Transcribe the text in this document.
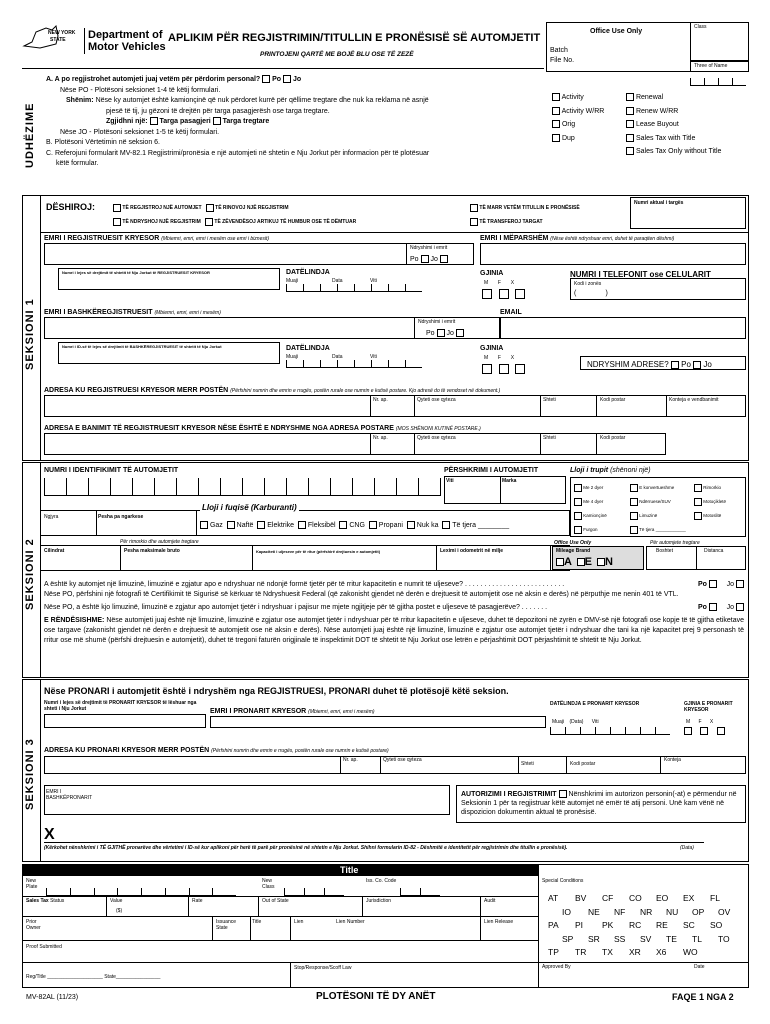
NEW YORK
STATE Department of
Motor Vehicles
APLIKIM PËR REGJISTRIMIN/TITULLIN E PRONËSISË SË AUTOMJETIT
PRINTOJENI QARTË ME BOJË BLU OSE TË ZEZË
Office Use Only
Class
Batch
File No.
Three of Name
Activity
Activity W/RR
Orig
Dup
Renewal
Renew W/RR
Lease Buyout
Sales Tax with Title
Sales Tax Only without Title
UDHËZIME
A. A po regjistrohet automjeti juaj vetëm për përdorim personal? Po Jo
Nëse PO - Plotësoni seksionet 1-4 të këtij formulari.
Shënim: Nëse ky automjet është kamionçinë që nuk përdoret kurrë për qëllime tregtare dhe nuk ka reklama në asnjë
pjesë të tij, ju gëzoni të drejtën për targa pasagjerësh ose targa tregtare.
Zgjidhni një: Targa pasagjeri Targa tregtare
Nëse JO - Plotësoni seksionet 1-5 të këtij formulari.
B. Plotësoni Vërtetimin në seksion 6.
C. Referojuni formularit MV-82.1 Regjistrimi/pronësia e një automjeti në shtetin e Nju Jorkut për informacion për të plotësuar
këtë formular.
SEKSIONI 1
DËSHIROJ:	TË REGJISTROJ NJË AUTOMJET	TË RINOVOJ NJË REGJISTRIM
TË NDRYSHOJ NJË REGJISTRIM	TË ZËVENDËSOJ ARTIKUJ TË HUMBUR OSE TË DËMTUAR
TË MARR VETËM TITULLIN E PRONËSISË
TË TRANSFEROJ TARGAT
Numri aktual i targës
EMRI I REGJISTRUESIT KRYESOR (Mbiemri, emri, emri i mesëm ose emri i biznesit)
Ndryshimi i emrit
Po Jo
EMRI I MËPARSHËM (Nëse është ndryshuar emri, duhet të paraqiten dëshmi)
Numri i lejes së drejtimit të shtetit të Nju Jorkut të REGJISTRUESIT KRYESOR	DATËLINDJA
Muaji	Data	Viti
GJINIA
M F X

NUMRI I TELEFONIT ose CELULARIT
Kodi i zonës
(               )
EMRI I BASHKËREGJISTRUESIT (Mbiemri, emri, emri i mesëm)
Ndryshimi i emrit
Po Jo
EMAIL
Numri i ID-së të lejes së drejtimit të BASHKËREGJISTRUESIT të shtetit të Nju Jorkut	DATËLINDJA
Muaji	Data	Viti
GJINIA
M F X

NDRYSHIM ADRESE? Po Jo
ADRESA KU REGJISTRUESI KRYESOR MERR POSTËN (Përfshini numrin dhe emrin e rrugës, postën rurale ose numrin e kutisë postare. Kjo adresë do të vendoset në dokument.)
Nr. ap.	Qyteti ose qyteza	Shteti	Kodi postar	Konteja e vendbanimit
ADRESA E BANIMIT TË REGJISTRUESIT KRYESOR NËSE ËSHTË E NDRYSHME NGA ADRESA POSTARE (MOS SHËNONI KUTINË POSTARE.)
Nr. ap.	Qyteti ose qyteza	Shteti	Kodi postar
SEKSIONI 2
NUMRI I IDENTIFIKIMIT TË AUTOMJETIT	PËRSHKRIMI I AUTOMJETIT
Viti	Marka
Lloji i trupit (shënoni një)
Me 2 dyer	E konvertueshme	Rimorkio
Me 4 dyer	Ndërruese/SUV	Motoçikletë
Kamionçinë	Limuzinë	Motoslitë
Furgon	Të tjera ____________
Ngjyra	Pesha pa ngarkese
Lloji i fuqisë (Karburanti)
Gaz Naftë Elektrike Fleksibël CNG Propani Nuk ka Të tjera ________
Për rimorkio dhe automjete tregtare
Cilindrat	Pesha maksimale bruto	Kapaciteti i uljeseve për të ritur (përfshirë drejtuesin e automjetit)	Leximi i odometrit në milje
Office Use Only
Mileage Brand
A E N
Për automjete tregtare
Boshtet	Distanca
A është ky automjet një limuzinë, limuzinë e zgjatur apo e ndryshuar në ndonjë formë tjetër për të rritur kapacitetin e numrit të uljeseve? . . . . . . . . . . . . . . . . . . . . . . . . . .	Po	Jo
Nëse PO, përfshini një fotografi të Certifikimit të Sigurisë së kërkuar të Ndryshuesit Federal (që zakonisht gjendet në derën e drejtuesit të automjetit ose në aksin e derës) në përputhje me nenin 401 të VTL.
Nëse PO, a është kjo limuzinë, limuzinë e zgjatur apo automjet tjetër i ndryshuar i pajisur me mjete ngjitjeje për të gjitha postet e uljeseve të pasagjerëve? . . . . . . .	Po	Jo
E RËNDËSISHME: Nëse automjeti juaj është një limuzinë, limuzinë e zgjatur ose automjet tjetër i ndryshuar për të rritur kapacitetin e uljeseve, duhet të depozitoni në zyrën e DMV-së një fotografi ose kopje të të gjitha etiketave ose targave (zakonisht gjendet në derën e drejtuesit të automjetit ose në aksin e derës). Nëse automjeti juaj është një limuzinë, limuzinë e zgjatur ose automjet tjetër i ndryshuar dhe tani ka një kapacitet prej 9 personash të rritur ose më shumë (përfshi drejtuesin e automjetit), duhet të tregoni faturën origjinale të inspektimit DOT të shtetit të Nju Jorkut ose letrën e përjashtimit DOT përjashtimit të shtetit të Nju Jorkut.
SEKSIONI 3
Nëse PRONARI i automjetit është i ndryshëm nga REGJISTRUESI, PRONARI duhet të plotësojë këtë seksion.
Numri i lejes së drejtimit të PRONARIT KRYESOR të lëshuar nga shteti i Nju Jorkut	EMRI I PRONARIT KRYESOR (Mbiemri, emri, emri i mesëm)
DATËLINDJA E PRONARIT KRYESOR
Muaji (Data) Viti
GJINIA E PRONARIT KRYESOR
M F X

ADRESA KU PRONARI KRYESOR MERR POSTËN (Përfshini numrin dhe emrin e rrugës, postën rurale ose numrin e kutisë postare)
Nr. ap.	Qyteti ose qyteza
Shteti	Kodi postar
Konteja
EMRI I BASHKËPRONARIT	AUTORIZIMI I REGJISTRIMIT Nënshkrimi im autorizon personin(-at) e përmendur në Seksionin 1 për ta regjistruar këtë automjet në emër të atij personi. Unë kam vënë në dispozicion dokumentin aktual të pronësisë.
X
(Kërkohet nënshkrimi i TË GJITHË pronarëve dhe vërtetimi i ID-së kur aplikoni për herë të parë për pronësinë në shtetin e Nju Jorkut. Shihni formularin ID-82 - Dëshmitë e identitetit për regjistrimin dhe titullin e pronësisë).	(Data)
Title
New Plate
New Class
Iss. Co. Code	Special Conditions
Sales Tax Status	Value
($)
Rate	Out of State	Jurisdiction	Audit
Prior Owner
Issuance State
Title	Lien	Lien Number	Lien Release
Proof Submitted
Reg/Title ____________________ State________________
Stop/Response/Scoff Law
AT	BV	CF	CO	EO	EX	FL
IO	NE	NF	NR	NU	OP	OV
PA	PI	PK	RC	RE	SC	SO
SP	SR	SS	SV	TE	TL	TO
TP	TR	TX	XR	X6	WO
Approved By	Date
MV-82AL (11/23)	PLOTËSONI TË DY ANËT	FAQE 1 NGA 2
